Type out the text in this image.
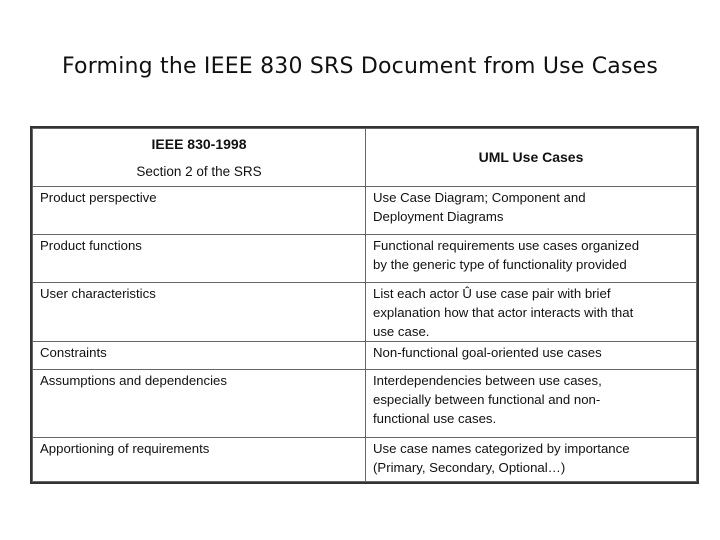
Forming the IEEE 830 SRS Document from Use Cases
IEEE 830-1998
Section 2 of the SRS	UML Use Cases

Product perspective	Use Case Diagram; Component and
Deployment Diagrams

Product functions	Functional requirements use cases organized
by the generic type of functionality provided

User characteristics	List each actor Û use case pair with brief
explanation how that actor interacts with that
use case.

Constraints	Non-functional goal-oriented use cases

Assumptions and dependencies	Interdependencies between use cases,
especially between functional and non-
functional use cases.

Apportioning of requirements	Use case names categorized by importance
(Primary, Secondary, Optional…)
